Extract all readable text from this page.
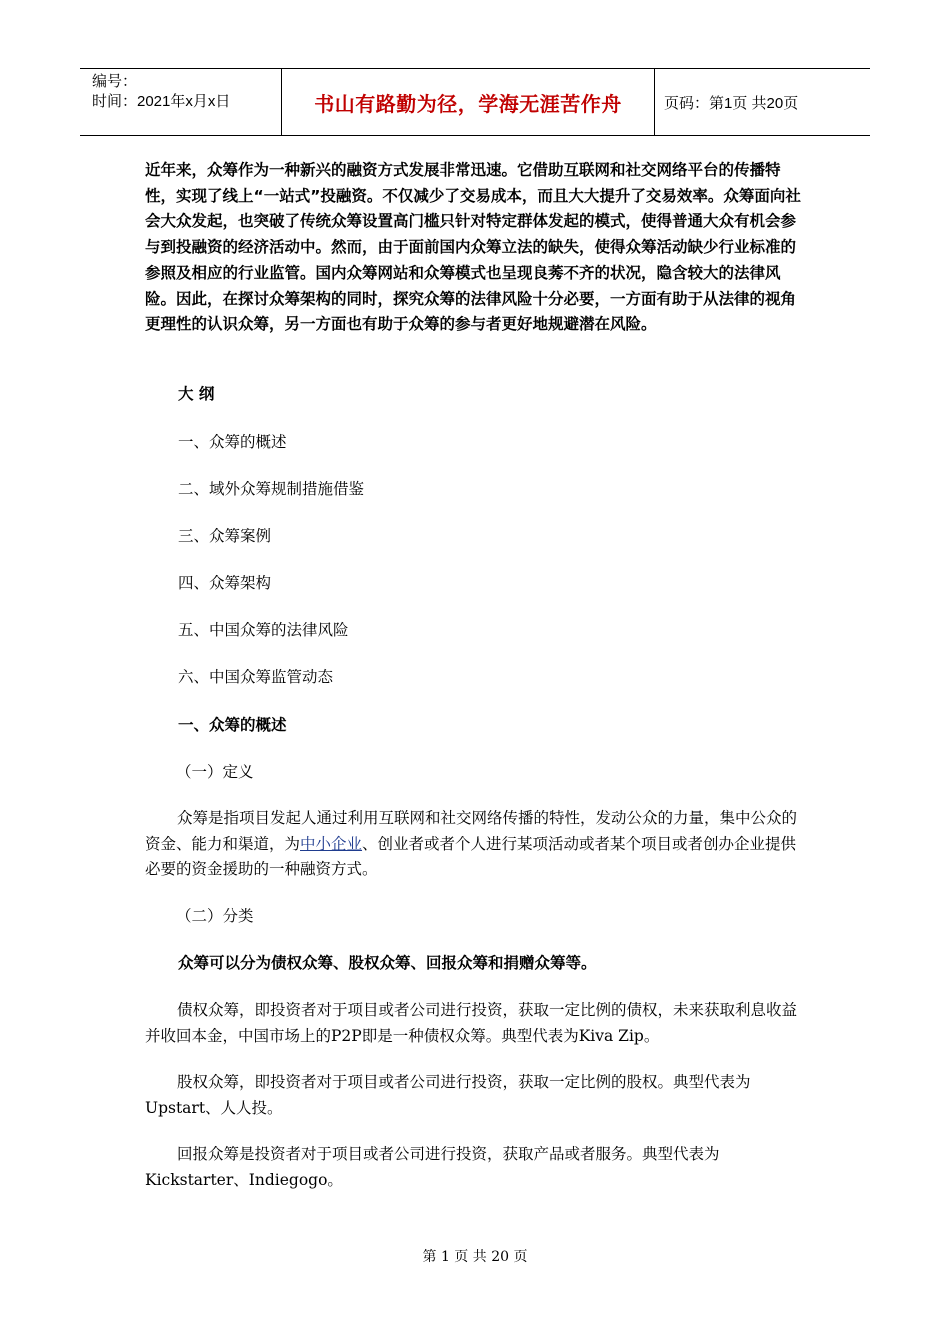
编号：
时间：2021年x月x日	书山有路勤为径，学海无涯苦作舟	页码：第1页 共20页
近年来，众筹作为一种新兴的融资方式发展非常迅速。它借助互联网和社交网络平台的传播特性，实现了线上“一站式”投融资。不仅减少了交易成本，而且大大提升了交易效率。众筹面向社会大众发起，也突破了传统众筹设置高门槛只针对特定群体发起的模式，使得普通大众有机会参与到投融资的经济活动中。然而，由于面前国内众筹立法的缺失，使得众筹活动缺少行业标准的参照及相应的行业监管。国内众筹网站和众筹模式也呈现良莠不齐的状况，隐含较大的法律风险。因此，在探讨众筹架构的同时，探究众筹的法律风险十分必要，一方面有助于从法律的视角更理性的认识众筹，另一方面也有助于众筹的参与者更好地规避潜在风险。
大 纲
一、众筹的概述
二、域外众筹规制措施借鉴
三、众筹案例
四、众筹架构
五、中国众筹的法律风险
六、中国众筹监管动态
一、众筹的概述
（一）定义
众筹是指项目发起人通过利用互联网和社交网络传播的特性，发动公众的力量，集中公众的资金、能力和渠道，为中小企业、创业者或者个人进行某项活动或者某个项目或者创办企业提供必要的资金援助的一种融资方式。
（二）分类
众筹可以分为债权众筹、股权众筹、回报众筹和捐赠众筹等。
债权众筹，即投资者对于项目或者公司进行投资，获取一定比例的债权，未来获取利息收益并收回本金，中国市场上的P2P即是一种债权众筹。典型代表为Kiva Zip。
股权众筹，即投资者对于项目或者公司进行投资，获取一定比例的股权。典型代表为Upstart、人人投。
回报众筹是投资者对于项目或者公司进行投资，获取产品或者服务。典型代表为Kickstarter、Indiegogo。
第 1 页 共 20 页
